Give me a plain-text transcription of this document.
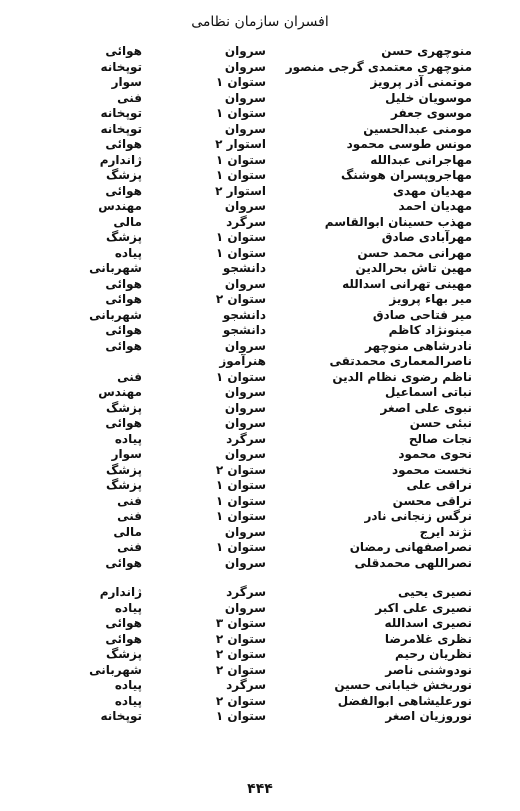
افسران سازمان نظامی
منوچهری حسن
سروان
هوائی
منوچهری معتمدی گرجی منصور
سروان
توپخانه
موتمنی آذر پرویز
ستوان ۱
سوار
موسویان خلیل
سروان
فنی
موسوی جعفر
ستوان ۱
توپخانه
مومنی عبدالحسین
سروان
توپخانه
مونس طوسی محمود
استوار ۲
هوائی
مهاجرانی عبدالله
ستوان ۱
ژاندارم
مهاجروپسران هوشنگ
ستوان ۱
پزشگ
مهدیان مهدی
استوار ۲
هوائی
مهدیان احمد
سروان
مهندس
مهذب حسینان ابوالقاسم
سرگرد
مالی
مهرآبادی صادق
ستوان ۱
پزشگ
مهرانی محمد حسن
ستوان ۱
پیاده
مهین تاش بحرالدین
دانشجو
شهربانی
مهینی تهرانی اسدالله
سروان
هوائی
میر بهاء پرویز
ستوان ۲
هوائی
میر فتاحی صادق
دانشجو
شهربانی
مینونژاد کاظم
دانشجو
هوائی
نادرشاهی منوچهر
سروان
هوائی
ناصرالمعماری محمدتقی
هنرآموز
ناظم رضوی نظام الدین
ستوان ۱
فنی
نباتی اسماعیل
سروان
مهندس
نبوی علی اصغر
سروان
پزشگ
نبئی حسن
سروان
هوائی
نجات صالح
سرگرد
پیاده
نحوی محمود
سروان
سوار
نخست محمود
ستوان ۲
پزشگ
نراقی علی
ستوان ۱
پزشگ
نراقی محسن
ستوان ۱
فنی
نرگس زنجانی نادر
ستوان ۱
فنی
نژند ایرج
سروان
مالی
نصراصفهانی رمضان
ستوان ۱
فنی
نصراللهی محمدقلی
سروان
هوائی
نصیری یحیی
سرگرد
ژاندارم
نصیری علی اکبر
سروان
پیاده
نصیری اسدالله
ستوان ۳
هوائی
نظری غلامرضا
ستوان ۲
هوائی
نظریان رحیم
ستوان ۲
پزشگ
نودوشنی ناصر
ستوان ۲
شهربانی
نوربخش خیابانی حسین
سرگرد
پیاده
نورعلیشاهی ابوالفضل
ستوان ۲
پیاده
نوروزیان اصغر
ستوان ۱
توپخانه
۴۴۴
